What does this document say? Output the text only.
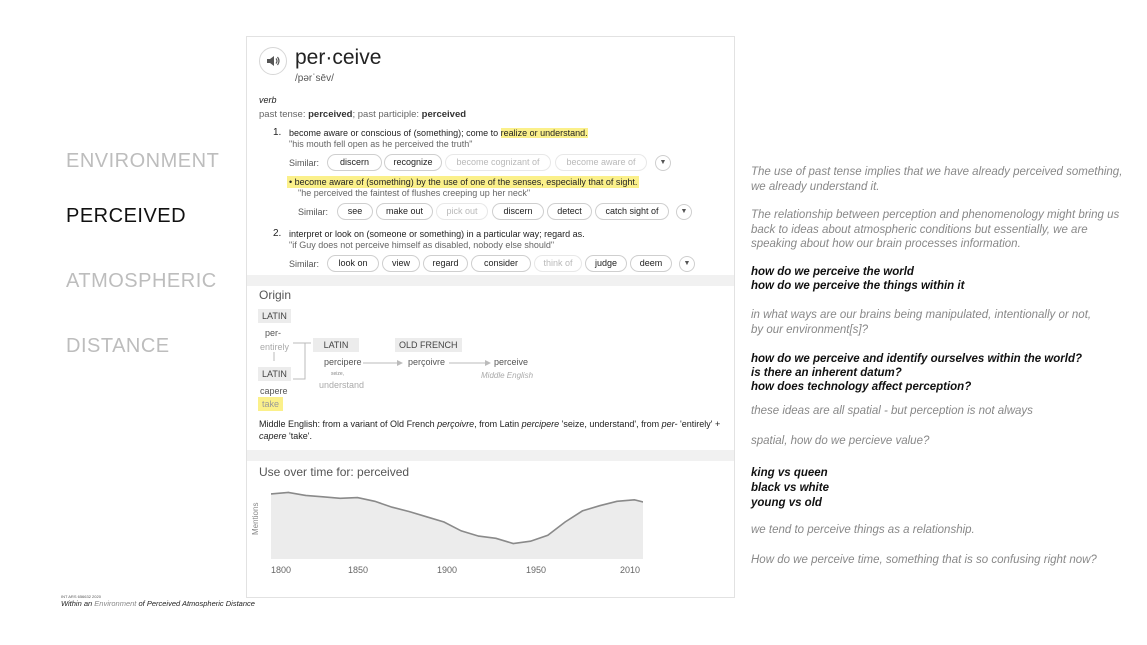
ENVIRONMENT
PERCEIVED
ATMOSPHERIC
DISTANCE
per·ceive
/pərˈsēv/
verb
past tense: perceived; past participle: perceived
1. become aware or conscious of (something); come to realize or understand.
"his mouth fell open as he perceived the truth"
Similar:	discern	recognize	become cognizant of	become aware of	▼
• become aware of (something) by the use of one of the senses, especially that of sight.
"he perceived the faintest of flushes creeping up her neck"
Similar:	see	make out	pick out	discern	detect	catch sight of	▼
2. interpret or look on (someone or something) in a particular way; regard as.
"if Guy does not perceive himself as disabled, nobody else should"
Similar:	look on	view	regard	consider	think of	judge	deem	▼
Origin
LATIN
per-
entirely
LATIN
capere
take
LATIN
percipere
seize,
understand
OLD FRENCH
perçoivre	perceive
Middle English
Middle English: from a variant of Old French perçoivre, from Latin percipere 'seize, understand', from per- 'entirely' + capere 'take'.
Use over time for: perceived
Mentions
1800	1850	1900	1950	2010
The use of past tense implies that we have already perceived something,
we already understand it.
The relationship between perception and phenomenology might bring us
back to ideas about atmospheric conditions but essentially, we are
speaking about how our brain processes information.
how do we perceive the world
how do we perceive the things within it
in what ways are our brains being manipulated, intentionally or not,
by our environment[s]?
how do we perceive and identify ourselves within the world?
is there an inherent datum?
how does technology affect perception?
these ideas are all spatial - but perception is not always
spatial, how do we percieve value?
king vs queen
black vs white
young vs old
we tend to perceive things as a relationship.
How do we perceive time, something that is so confusing right now?
INT ARS 656632 2020
Within an Environment of Perceived Atmospheric Distance
